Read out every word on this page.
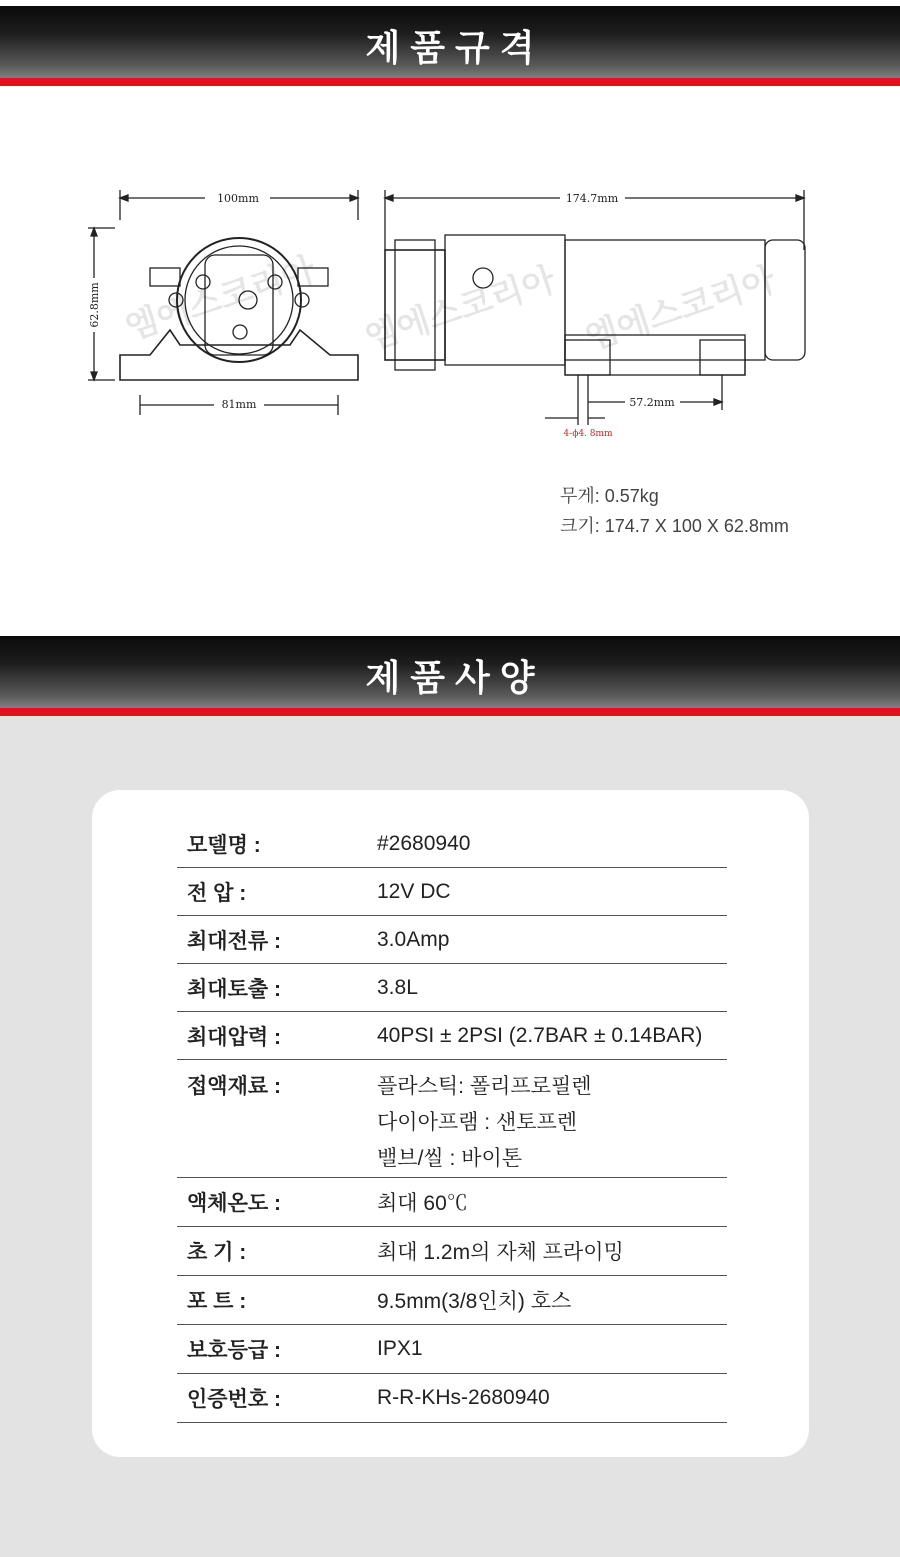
제품규격
100mm	174.7mm
62.8mm
81mm	57.2mm
4-ϕ4. 8mm
엠에스코리아 엠에스코리아 엠에스코리아
무게: 0.57kg
크기: 174.7 X 100 X 62.8mm
제품사양
모델명 :	#2680940
전 압 :	12V DC
최대전류 :	3.0Amp
최대토출 :	3.8L
최대압력 :	40PSI ± 2PSI (2.7BAR ± 0.14BAR)
접액재료 :	플라스틱: 폴리프로필렌
다이아프램 : 샌토프렌
밸브/씰 : 바이톤
액체온도 :	최대 60℃
초 기 :	최대 1.2m의 자체 프라이밍
포 트 :	9.5mm(3/8인치) 호스
보호등급 :	IPX1
인증번호 :	R-R-KHs-2680940
